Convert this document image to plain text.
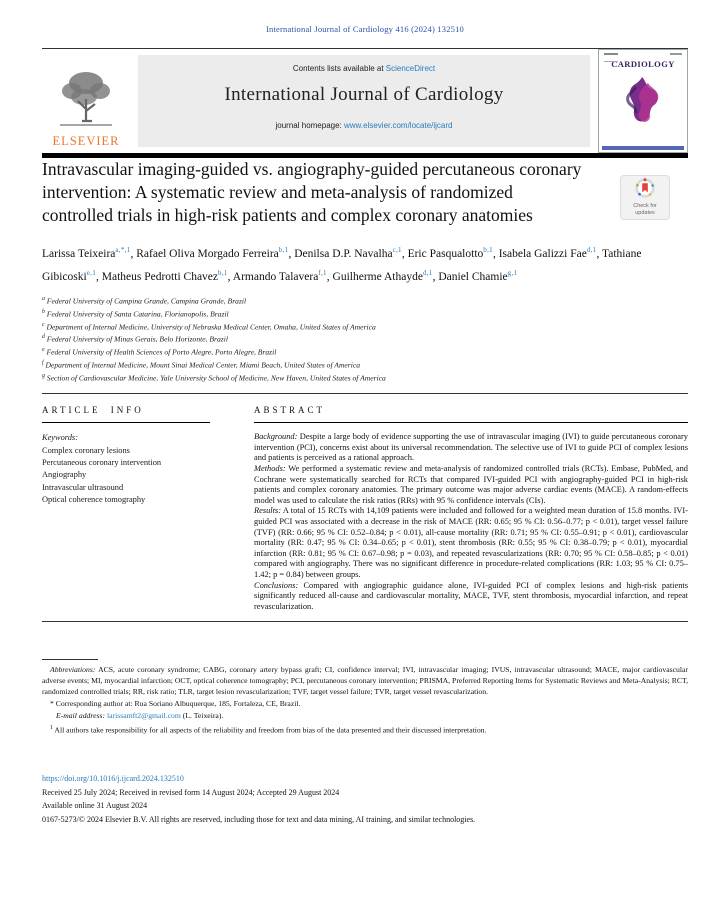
International Journal of Cardiology 416 (2024) 132510
ELSEVIER
Contents lists available at ScienceDirect
International Journal of Cardiology
journal homepage: www.elsevier.com/locate/ijcard
CARDIOLOGY
Check for
updates
Intravascular imaging-guided vs. angiography-guided percutaneous coronary intervention: A systematic review and meta-analysis of randomized controlled trials in high-risk patients and complex coronary anatomies
Larissa Teixeira$^{a,*,1}$, Rafael Oliva Morgado Ferreira$^{b,1}$, Denilsa D.P. Navalha$^{c,1}$, Eric Pasqualotto$^{b,1}$, Isabela Galizzi Fae$^{d,1}$, Tathiane Gibicoski$^{e,1}$, Matheus Pedrotti Chavez$^{b,1}$, Armando Talavera$^{f,1}$, Guilherme Athayde$^{d,1}$, Daniel Chamie$^{g,1}$
$^a$ Federal University of Campina Grande, Campina Grande, Brazil
$^b$ Federal University of Santa Catarina, Florianopolis, Brazil
$^c$ Department of Internal Medicine, University of Nebraska Medical Center, Omaha, United States of America
$^d$ Federal University of Minas Gerais, Belo Horizonte, Brazil
$^e$ Federal University of Health Sciences of Porto Alegre, Porto Alegre, Brazil
$^f$ Department of Internal Medicine, Mount Sinai Medical Center, Miami Beach, United States of America
$^g$ Section of Cardiovascular Medicine, Yale University School of Medicine, New Haven, United States of America
ARTICLE INFO
Keywords:
Complex coronary lesions
Percutaneous coronary intervention
Angiography
Intravascular ultrasound
Optical coherence tomography
ABSTRACT
Background: Despite a large body of evidence supporting the use of intravascular imaging (IVI) to guide percutaneous coronary intervention (PCI), concerns exist about its universal recommendation. The selective use of IVI to guide PCI of complex lesions and patients is perceived as a rational approach.
Methods: We performed a systematic review and meta-analysis of randomized controlled trials (RCTs). Embase, PubMed, and Cochrane were systematically searched for RCTs that compared IVI-guided PCI with angiography-guided PCI in high-risk patients and complex coronary anatomies. The primary outcome was major adverse cardiac events (MACE). A random-effects model was used to calculate the risk ratios (RRs) with 95 % confidence intervals (CIs).
Results: A total of 15 RCTs with 14,109 patients were included and followed for a weighted mean duration of 15.8 months. IVI-guided PCI was associated with a decrease in the risk of MACE (RR: 0.65; 95 % CI: 0.56–0.77; p < 0.01), target vessel failure (TVF) (RR: 0.66; 95 % CI: 0.52–0.84; p < 0.01), all-cause mortality (RR: 0.71; 95 % CI: 0.55–0.91; p < 0.01), cardiovascular mortality (RR: 0.47; 95 % CI: 0.34–0.65; p < 0.01), stent thrombosis (RR: 0.55; 95 % CI: 0.38–0.79; p < 0.01), myocardial infarction (RR: 0.81; 95 % CI: 0.67–0.98; p = 0.03), and repeated revascularizations (RR: 0.70; 95 % CI: 0.58–0.85; p < 0.01) compared with angiography. There was no significant difference in procedure-related complications (RR: 1.03; 95 % CI: 0.75–1.42; p = 0.84) between groups.
Conclusions: Compared with angiographic guidance alone, IVI-guided PCI of complex lesions and high-risk patients significantly reduced all-cause and cardiovascular mortality, MACE, TVF, stent thrombosis, myocardial infarction, and repeat revascularization.
Abbreviations: ACS, acute coronary syndrome; CABG, coronary artery bypass graft; CI, confidence interval; IVI, intravascular imaging; IVUS, intravascular ultrasound; MACE, major cardiovascular adverse events; MI, myocardial infarction; OCT, optical coherence tomography; PCI, percutaneous coronary intervention; PRISMA, Preferred Reporting Items for Systematic Reviews and Meta-Analysis; RCT, randomized controlled trials; RR, risk ratio; TLR, target lesion revascularization; TVF, target vessel failure; TVR, target vessel revascularization.
* Corresponding author at: Rua Soriano Albuquerque, 185, Fortaleza, CE, Brazil.
E-mail address: larissamft2@gmail.com (L. Teixeira).
$^1$ All authors take responsibility for all aspects of the reliability and freedom from bias of the data presented and their discussed interpretation.
https://doi.org/10.1016/j.ijcard.2024.132510
Received 25 July 2024; Received in revised form 14 August 2024; Accepted 29 August 2024
Available online 31 August 2024
0167-5273/© 2024 Elsevier B.V. All rights are reserved, including those for text and data mining, AI training, and similar technologies.
